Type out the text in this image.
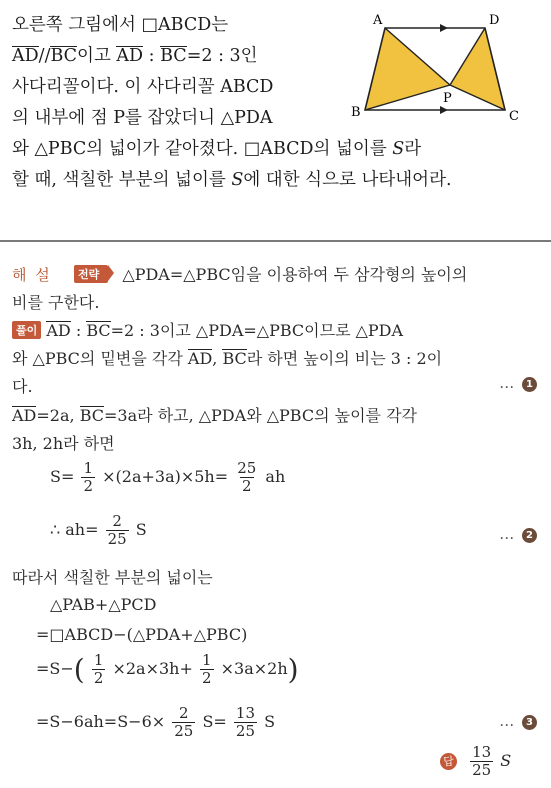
오른쪽 그림에서 □ABCD는
AD//BC이고 AD : BC=2 : 3인
사다리꼴이다. 이 사다리꼴 ABCD
의 내부에 점 P를 잡았더니 △PDA
와 △PBC의 넓이가 같아졌다. □ABCD의 넓이를 S라
할 때, 색칠한 부분의 넓이를 S에 대한 식으로 나타내어라.
A	D
B	C
P
해 설 전략 △PDA=△PBC임을 이용하여 두 삼각형의 높이의
비를 구한다.
풀이 AD : BC=2 : 3이고 △PDA=△PBC이므로 △PDA
와 △PBC의 밑변을 각각 AD, BC라 하면 높이의 비는 3 : 2이
다.	… 1
AD=2a, BC=3a라 하고, △PDA와 △PBC의 높이를 각각
3h, 2h라 하면
$S= \frac{1}{2} \times(2a+3a)\times 5h= \frac{25}{2}$ ah
∴ $ah= \frac{2}{25}$ S	… 2
따라서 색칠한 부분의 넓이는
△PAB+△PCD
=□ABCD−(△PDA+△PBC)
$=S-( \frac{1}{2} \times 2a\times 3h+ \frac{1}{2} \times 3a\times 2h)$
$=S-6ah=S-6\times \frac{2}{25} S= \frac{13}{25}$ S	… 3
답 $\frac{13}{25}$ S
